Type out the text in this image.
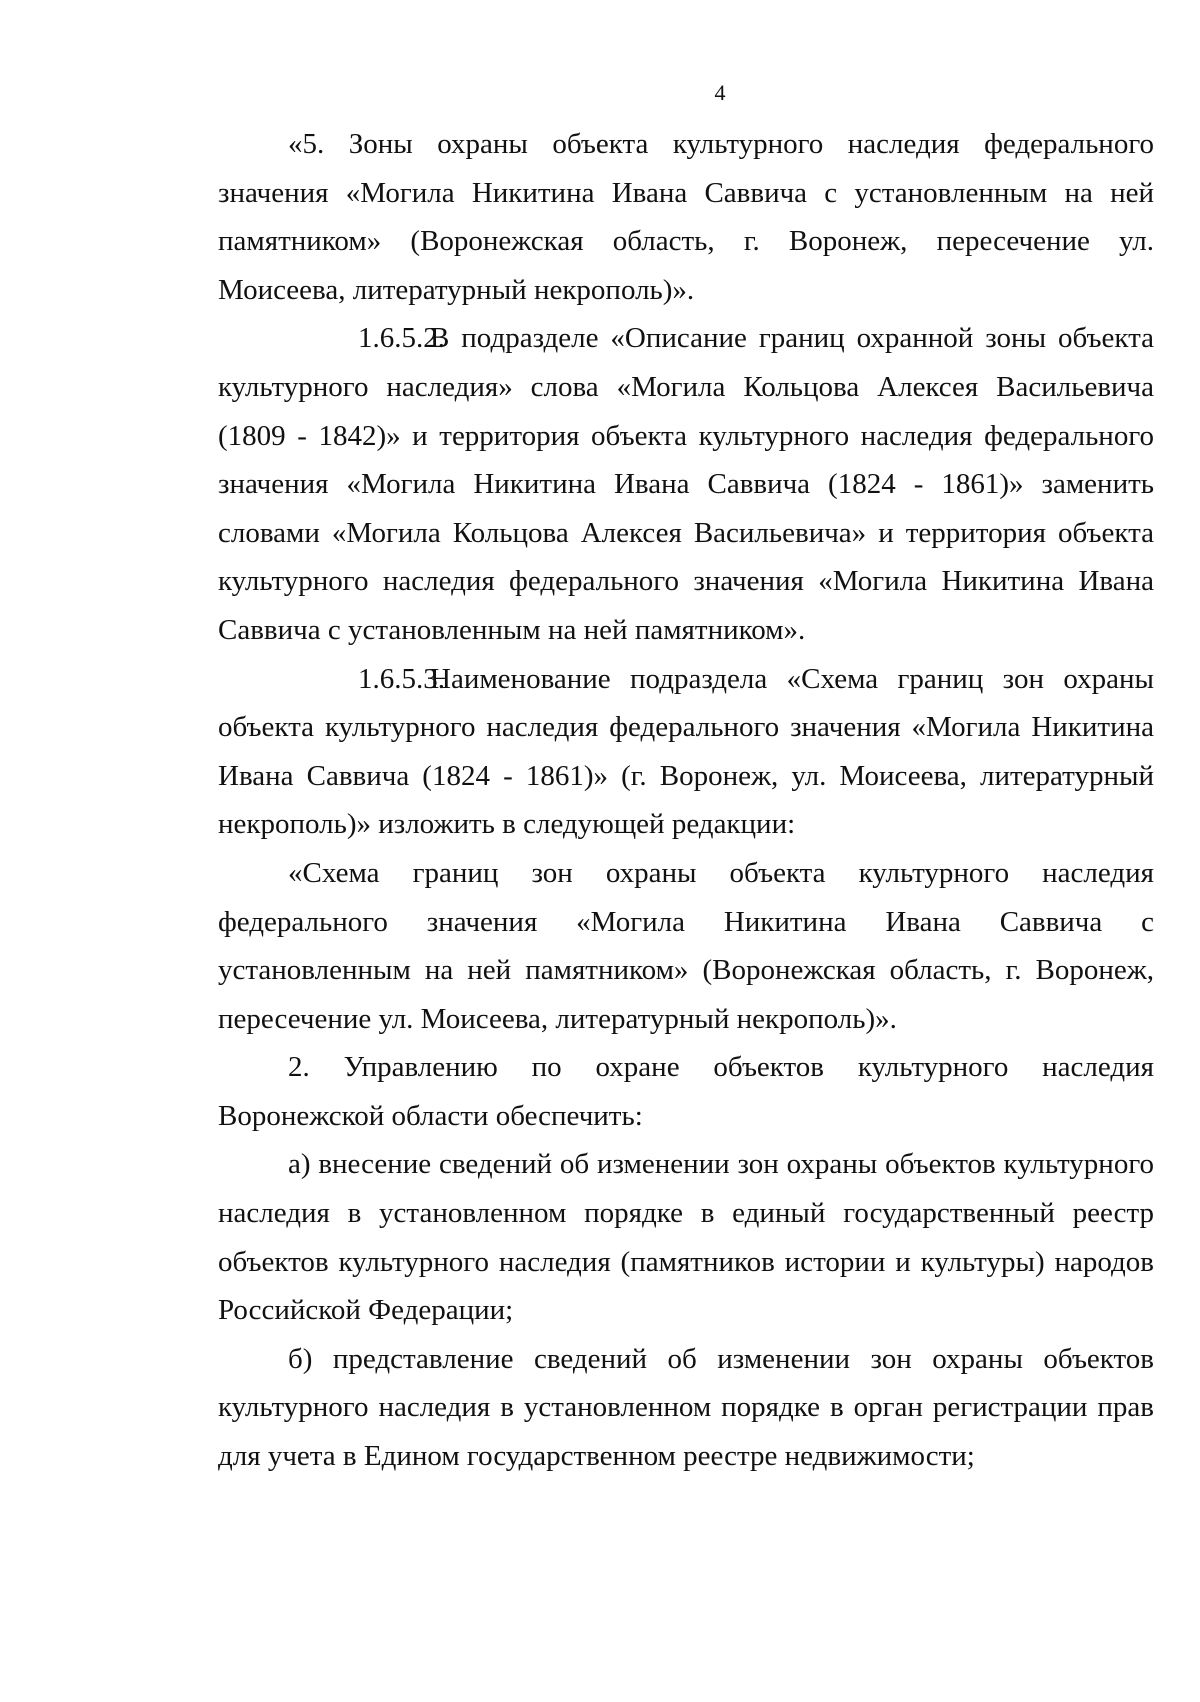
4

«5. Зоны охраны объекта культурного наследия федерального значения «Могила Никитина Ивана Саввича с установленным на ней памятником» (Воронежская область, г. Воронеж, пересечение ул. Моисеева, литературный некрополь)».

1.6.5.2.В подразделе «Описание границ охранной зоны объекта культурного наследия» слова «Могила Кольцова Алексея Васильевича (1809 - 1842)» и территория объекта культурного наследия федерального значения «Могила Никитина Ивана Саввича (1824 - 1861)» заменить словами «Могила Кольцова Алексея Васильевича» и территория объекта культурного наследия федерального значения «Могила Никитина Ивана Саввича с установленным на ней памятником».

1.6.5.3.Наименование подраздела «Схема границ зон охраны объекта культурного наследия федерального значения «Могила Никитина Ивана Саввича (1824 - 1861)» (г. Воронеж, ул. Моисеева, литературный некрополь)» изложить в следующей редакции:

«Схема границ зон охраны объекта культурного наследия федерального значения «Могила Никитина Ивана Саввича с установленным на ней памятником» (Воронежская область, г. Воронеж, пересечение ул. Моисеева, литературный некрополь)».

2. Управлению по охране объектов культурного наследия Воронежской области обеспечить:

а) внесение сведений об изменении зон охраны объектов культурного наследия в установленном порядке в единый государственный реестр объектов культурного наследия (памятников истории и культуры) народов Российской Федерации;

б) представление сведений об изменении зон охраны объектов культурного наследия в установленном порядке в орган регистрации прав для учета в Едином государственном реестре недвижимости;
